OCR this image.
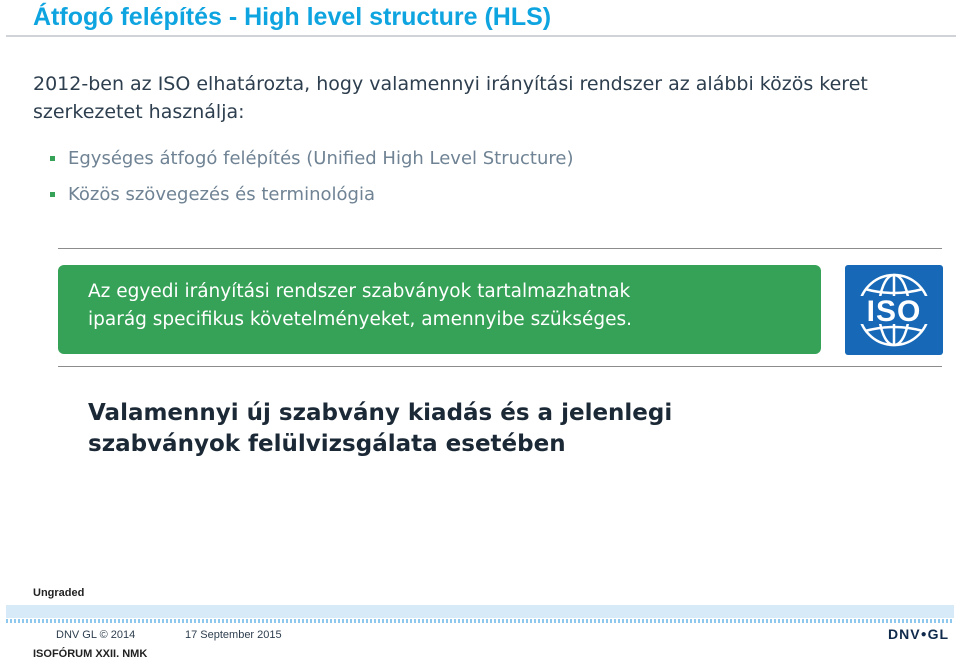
Átfogó felépítés - High level structure (HLS)
2012-ben az ISO elhatározta, hogy valamennyi irányítási rendszer az alábbi közös keret szerkezetet használja:
Egységes átfogó felépítés (Unified High Level Structure)
Közös szövegezés és terminológia

Az egyedi irányítási rendszer szabványok tartalmazhatnak

iparág specifikus követelményeket, amennyibe szükséges.	ISO
Valamennyi új szabvány kiadás és a jelenlegi
szabványok felülvizsgálata esetében
Ungraded
DNV GL © 2014	17 September 2015
ISOFÓRUM XXII. NMK
DNV●GL
